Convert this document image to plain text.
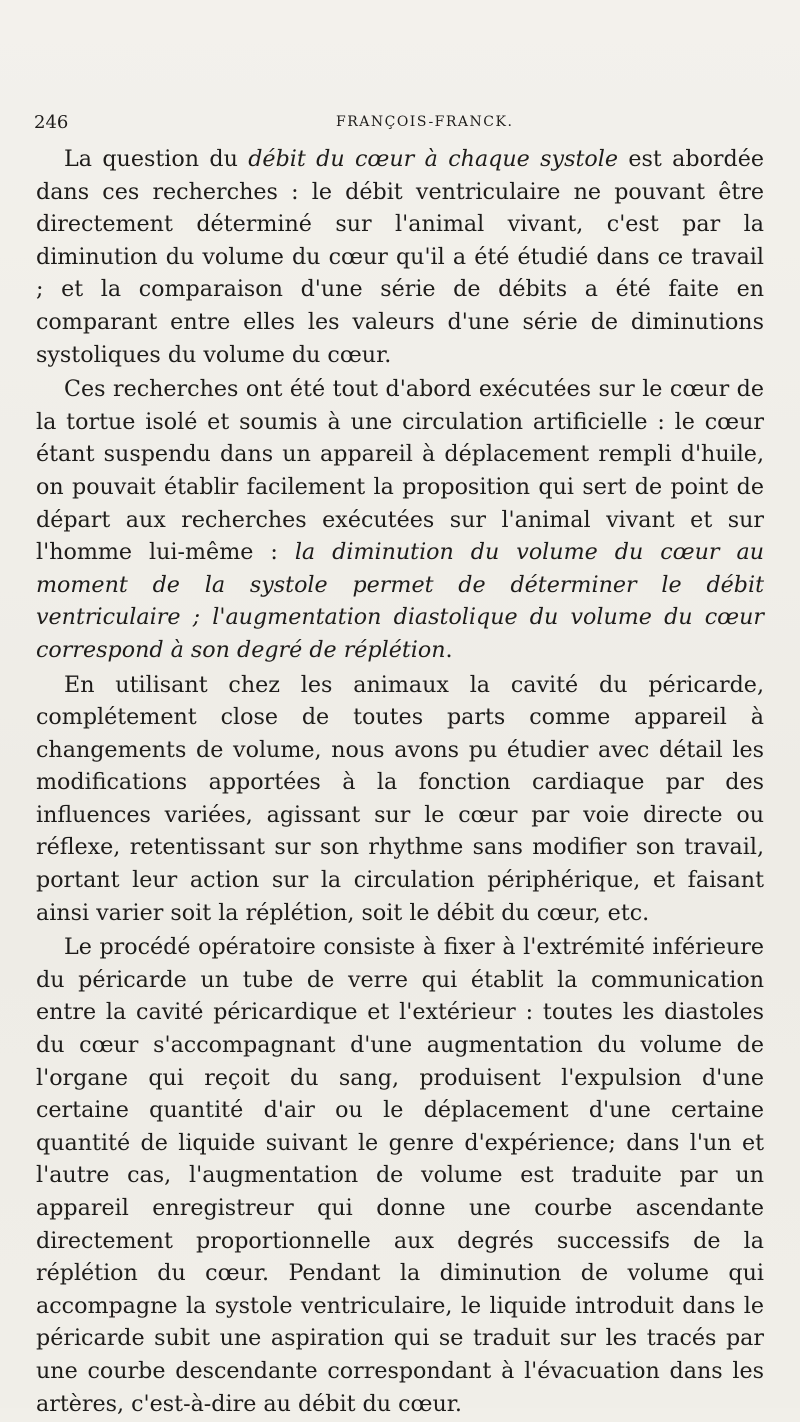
246	FRANÇOIS-FRANCK.

La question du débit du cœur à chaque systole est abordée dans ces recherches : le débit ventriculaire ne pouvant être directement déterminé sur l'animal vivant, c'est par la diminution du volume du cœur qu'il a été étudié dans ce travail ; et la comparaison d'une série de débits a été faite en comparant entre elles les valeurs d'une série de diminutions systoliques du volume du cœur.

Ces recherches ont été tout d'abord exécutées sur le cœur de la tortue isolé et soumis à une circulation artificielle : le cœur étant suspendu dans un appareil à déplacement rempli d'huile, on pouvait établir facilement la proposition qui sert de point de départ aux recherches exécutées sur l'animal vivant et sur l'homme lui-même : la diminution du volume du cœur au moment de la systole permet de déterminer le débit ventriculaire ; l'augmentation diastolique du volume du cœur correspond à son degré de réplétion.

En utilisant chez les animaux la cavité du péricarde, complétement close de toutes parts comme appareil à changements de volume, nous avons pu étudier avec détail les modifications apportées à la fonction cardiaque par des influences variées, agissant sur le cœur par voie directe ou réflexe, retentissant sur son rhythme sans modifier son travail, portant leur action sur la circulation périphérique, et faisant ainsi varier soit la réplétion, soit le débit du cœur, etc.

Le procédé opératoire consiste à fixer à l'extrémité inférieure du péricarde un tube de verre qui établit la communication entre la cavité péricardique et l'extérieur : toutes les diastoles du cœur s'accompagnant d'une augmentation du volume de l'organe qui reçoit du sang, produisent l'expulsion d'une certaine quantité d'air ou le déplacement d'une certaine quantité de liquide suivant le genre d'expérience; dans l'un et l'autre cas, l'augmentation de volume est traduite par un appareil enregistreur qui donne une courbe ascendante directement proportionnelle aux degrés successifs de la réplétion du cœur. Pendant la diminution de volume qui accompagne la systole ventriculaire, le liquide introduit dans le péricarde subit une aspiration qui se traduit sur les tracés par une courbe descendante correspondant à l'évacuation dans les artères, c'est-à-dire au débit du cœur.
